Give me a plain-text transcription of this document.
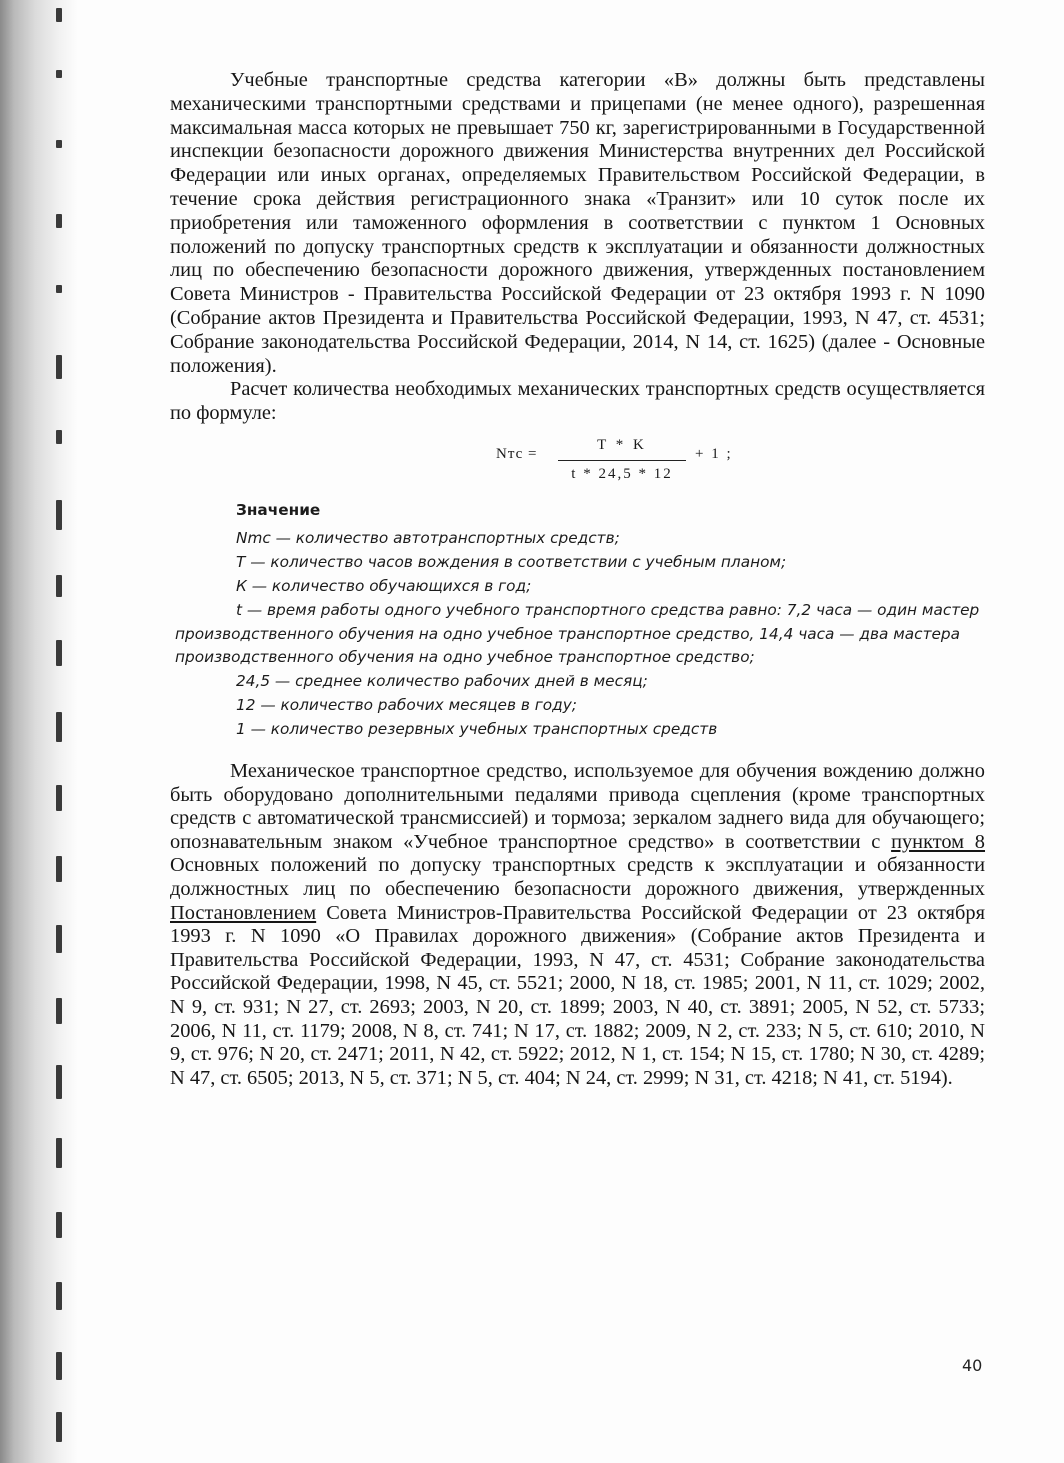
Учебные транспортные средства категории «В» должны быть представлены механическими транспортными средствами и прицепами (не менее одного), разрешенная максимальная масса которых не превышает 750 кг, зарегистрированными в Государственной инспекции безопасности дорожного движения Министерства внутренних дел Российской Федерации или иных органах, определяемых Правительством Российской Федерации, в течение срока действия регистрационного знака «Транзит» или 10 суток после их приобретения или таможенного оформления в соответствии с пунктом 1 Основных положений по допуску транспортных средств к эксплуатации и обязанности должностных лиц по обеспечению безопасности дорожного движения, утвержденных постановлением Совета Министров - Правительства Российской Федерации от 23 октября 1993 г. N 1090 (Собрание актов Президента и Правительства Российской Федерации, 1993, N 47, ст. 4531; Собрание законодательства Российской Федерации, 2014, N 14, ст. 1625) (далее - Основные положения).

Расчет количества необходимых механических транспортных средств осуществляется по формуле:

Nтс = $\frac{T * K}{t * 24,5 * 12} + 1$ ;

Значение

Nmc — количество автотранспортных средств;

T — количество часов вождения в соответствии с учебным планом;

К — количество обучающихся в год;

t — время работы одного учебного транспортного средства равно: 7,2 часа — один мастер производственного обучения на одно учебное транспортное средство, 14,4 часа — два мастера производственного обучения на одно учебное транспортное средство;

24,5 — среднее количество рабочих дней в месяц;

12 — количество рабочих месяцев в году;

1 — количество резервных учебных транспортных средств

Механическое транспортное средство, используемое для обучения вождению должно быть оборудовано дополнительными педалями привода сцепления (кроме транспортных средств с автоматической трансмиссией) и тормоза; зеркалом заднего вида для обучающего; опознавательным знаком «Учебное транспортное средство» в соответствии с пунктом 8 Основных положений по допуску транспортных средств к эксплуатации и обязанности должностных лиц по обеспечению безопасности дорожного движения, утвержденных Постановлением Совета Министров-Правительства Российской Федерации от 23 октября 1993 г. N 1090 «О Правилах дорожного движения» (Собрание актов Президента и Правительства Российской Федерации, 1993, N 47, ст. 4531; Собрание законодательства Российской Федерации, 1998, N 45, ст. 5521; 2000, N 18, ст. 1985; 2001, N 11, ст. 1029; 2002, N 9, ст. 931; N 27, ст. 2693; 2003, N 20, ст. 1899; 2003, N 40, ст. 3891; 2005, N 52, ст. 5733; 2006, N 11, ст. 1179; 2008, N 8, ст. 741; N 17, ст. 1882; 2009, N 2, ст. 233; N 5, ст. 610; 2010, N 9, ст. 976; N 20, ст. 2471; 2011, N 42, ст. 5922; 2012, N 1, ст. 154; N 15, ст. 1780; N 30, ст. 4289; N 47, ст. 6505; 2013, N 5, ст. 371; N 5, ст. 404; N 24, ст. 2999; N 31, ст. 4218; N 41, ст. 5194).

40
